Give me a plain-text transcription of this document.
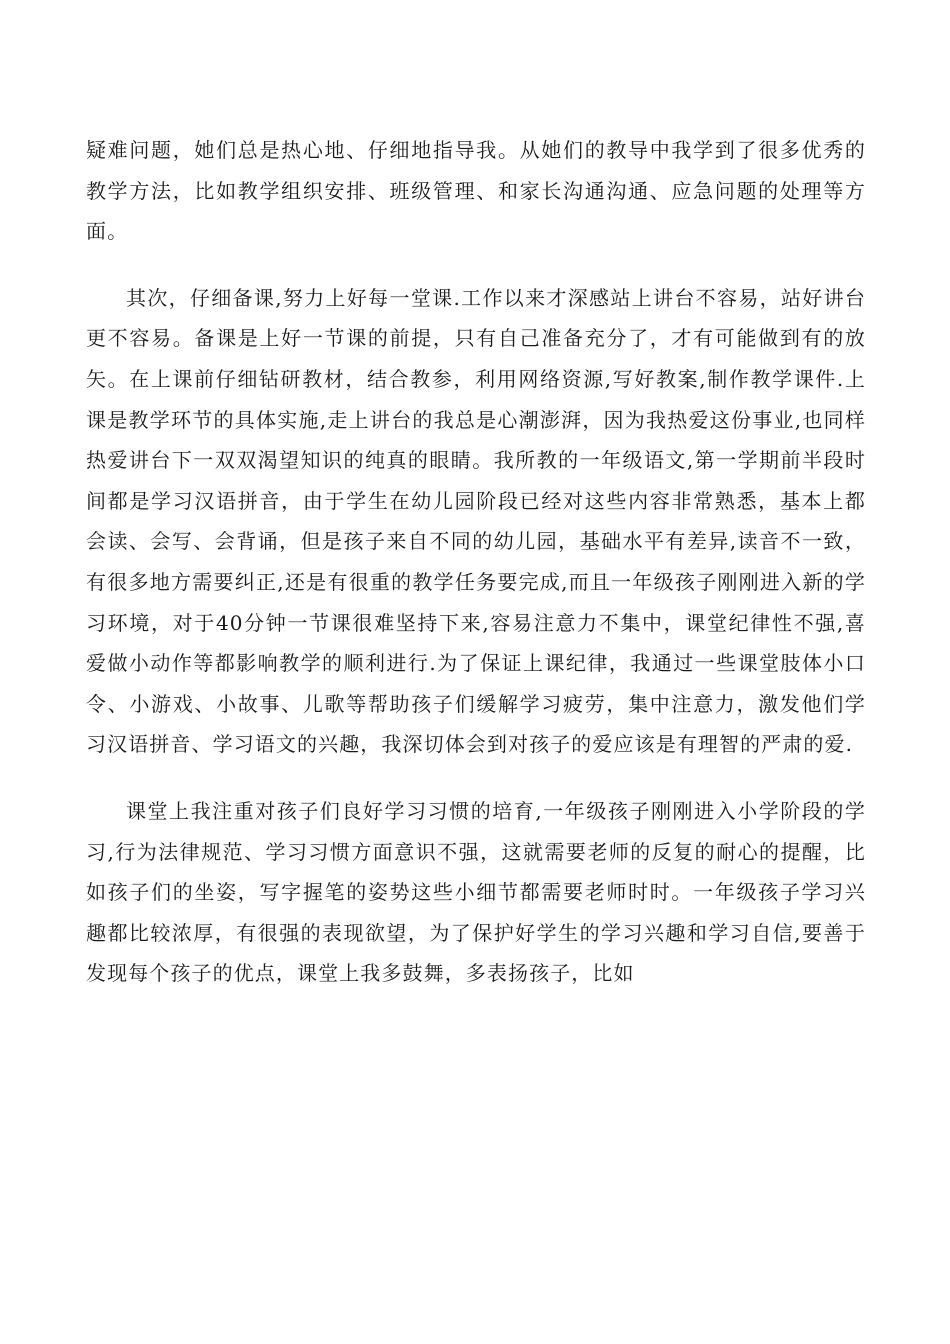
疑难问题，她们总是热心地、仔细地指导我。从她们的教导中我学到了很多优秀的教学方法，比如教学组织安排、班级管理、和家长沟通沟通、应急问题的处理等方面。

其次，仔细备课,努力上好每一堂课.工作以来才深感站上讲台不容易，站好讲台更不容易。备课是上好一节课的前提，只有自己准备充分了，才有可能做到有的放矢。在上课前仔细钻研教材，结合教参，利用网络资源,写好教案,制作教学课件.上课是教学环节的具体实施,走上讲台的我总是心潮澎湃，因为我热爱这份事业,也同样热爱讲台下一双双渴望知识的纯真的眼睛。我所教的一年级语文,第一学期前半段时间都是学习汉语拼音，由于学生在幼儿园阶段已经对这些内容非常熟悉，基本上都会读、会写、会背诵，但是孩子来自不同的幼儿园，基础水平有差异,读音不一致，有很多地方需要纠正,还是有很重的教学任务要完成,而且一年级孩子刚刚进入新的学习环境，对于40分钟一节课很难坚持下来,容易注意力不集中，课堂纪律性不强,喜爱做小动作等都影响教学的顺利进行.为了保证上课纪律，我通过一些课堂肢体小口令、小游戏、小故事、儿歌等帮助孩子们缓解学习疲劳，集中注意力，激发他们学习汉语拼音、学习语文的兴趣，我深切体会到对孩子的爱应该是有理智的严肃的爱.

课堂上我注重对孩子们良好学习习惯的培育,一年级孩子刚刚进入小学阶段的学习,行为法律规范、学习习惯方面意识不强，这就需要老师的反复的耐心的提醒，比如孩子们的坐姿，写字握笔的姿势这些小细节都需要老师时时。一年级孩子学习兴趣都比较浓厚，有很强的表现欲望，为了保护好学生的学习兴趣和学习自信,要善于发现每个孩子的优点，课堂上我多鼓舞，多表扬孩子，比如
